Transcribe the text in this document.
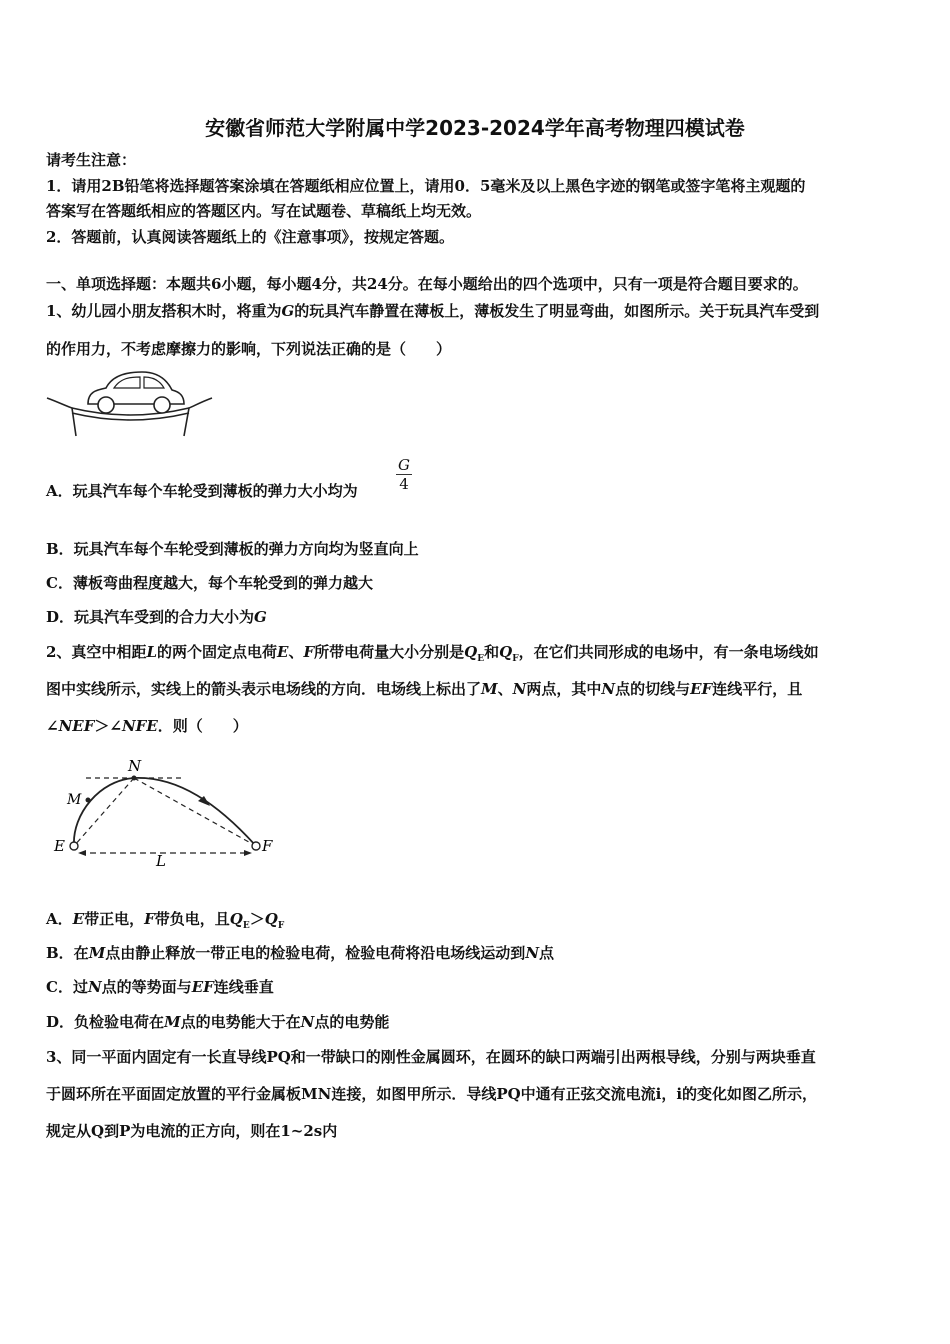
安徽省师范大学附属中学2023-2024学年高考物理四模试卷
请考生注意：
1．请用2B铅笔将选择题答案涂填在答题纸相应位置上，请用0．5毫米及以上黑色字迹的钢笔或签字笔将主观题的
答案写在答题纸相应的答题区内。写在试题卷、草稿纸上均无效。
2．答题前，认真阅读答题纸上的《注意事项》，按规定答题。
一、单项选择题：本题共6小题，每小题4分，共24分。在每小题给出的四个选项中，只有一项是符合题目要求的。
1、幼儿园小朋友搭积木时，将重为G的玩具汽车静置在薄板上，薄板发生了明显弯曲，如图所示。关于玩具汽车受到
的作用力，不考虑摩擦力的影响，下列说法正确的是（　　）
A．玩具汽车每个车轮受到薄板的弹力大小均为	$\frac{G}{4}$
B．玩具汽车每个车轮受到薄板的弹力方向均为竖直向上
C．薄板弯曲程度越大，每个车轮受到的弹力越大
D．玩具汽车受到的合力大小为G
2、真空中相距L的两个固定点电荷E、F所带电荷量大小分别是$Q_E$和$Q_F$，在它们共同形成的电场中，有一条电场线如
图中实线所示，实线上的箭头表示电场线的方向．电场线上标出了M、N两点，其中N点的切线与EF连线平行，且
∠NEF＞∠NFE．则（　　）
N
M
E	F
L
A．E带正电，F带负电，且$Q_E>Q_F$
B．在M点由静止释放一带正电的检验电荷，检验电荷将沿电场线运动到N点
C．过N点的等势面与EF连线垂直
D．负检验电荷在M点的电势能大于在N点的电势能
3、同一平面内固定有一长直导线PQ和一带缺口的刚性金属圆环，在圆环的缺口两端引出两根导线，分别与两块垂直
于圆环所在平面固定放置的平行金属板MN连接，如图甲所示．导线PQ中通有正弦交流电流i，i的变化如图乙所示，
规定从Q到P为电流的正方向，则在1~2s内
